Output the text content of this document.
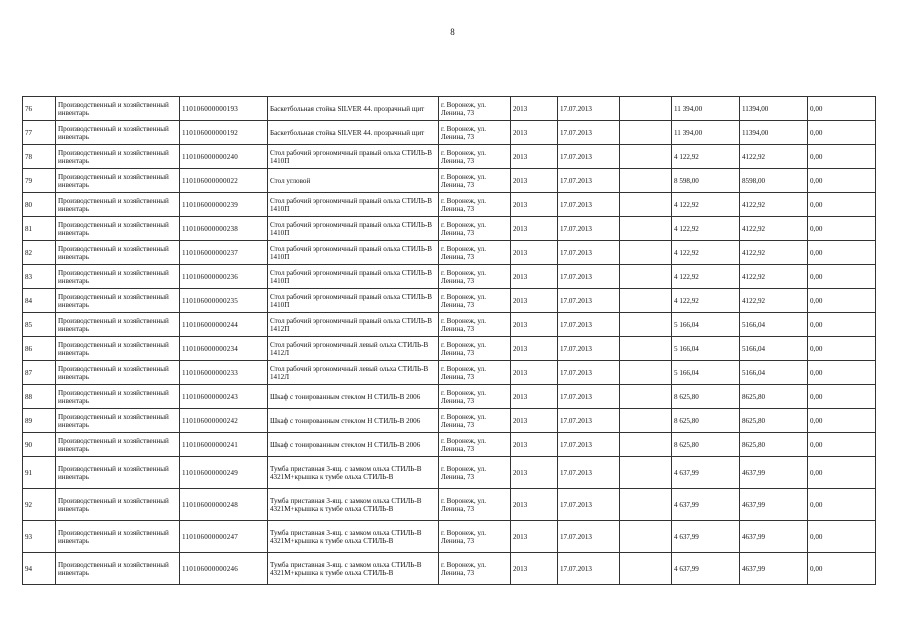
8
76	Производственный и хозяйственный инвентарь	110106000000193	Баскетбольная стойка SILVER 44. прозрачный щит	г. Воронеж, ул. Ленина, 73	2013	17.07.2013		11 394,00	11394,00	0,00
77	Производственный и хозяйственный инвентарь	110106000000192	Баскетбольная стойка SILVER 44. прозрачный щит	г. Воронеж, ул. Ленина, 73	2013	17.07.2013		11 394,00	11394,00	0,00
78	Производственный и хозяйственный инвентарь	110106000000240	Стол рабочий эргономичный правый ольха СТИЛЬ-В 1410П	г. Воронеж, ул. Ленина, 73	2013	17.07.2013		4 122,92	4122,92	0,00
79	Производственный и хозяйственный инвентарь	110106000000022	Стол угловой	г. Воронеж, ул. Ленина, 73	2013	17.07.2013		8 598,00	8598,00	0,00
80	Производственный и хозяйственный инвентарь	110106000000239	Стол рабочий эргономичный правый ольха СТИЛЬ-В 1410П	г. Воронеж, ул. Ленина, 73	2013	17.07.2013		4 122,92	4122,92	0,00
81	Производственный и хозяйственный инвентарь	110106000000238	Стол рабочий эргономичный правый ольха СТИЛЬ-В 1410П	г. Воронеж, ул. Ленина, 73	2013	17.07.2013		4 122,92	4122,92	0,00
82	Производственный и хозяйственный инвентарь	110106000000237	Стол рабочий эргономичный правый ольха СТИЛЬ-В 1410П	г. Воронеж, ул. Ленина, 73	2013	17.07.2013		4 122,92	4122,92	0,00
83	Производственный и хозяйственный инвентарь	110106000000236	Стол рабочий эргономичный правый ольха СТИЛЬ-В 1410П	г. Воронеж, ул. Ленина, 73	2013	17.07.2013		4 122,92	4122,92	0,00
84	Производственный и хозяйственный инвентарь	110106000000235	Стол рабочий эргономичный правый ольха СТИЛЬ-В 1410П	г. Воронеж, ул. Ленина, 73	2013	17.07.2013		4 122,92	4122,92	0,00
85	Производственный и хозяйственный инвентарь	110106000000244	Стол рабочий эргономичный правый ольха СТИЛЬ-В 1412П	г. Воронеж, ул. Ленина, 73	2013	17.07.2013		5 166,04	5166,04	0,00
86	Производственный и хозяйственный инвентарь	110106000000234	Стол рабочий эргономичный левый ольха СТИЛЬ-В 1412Л	г. Воронеж, ул. Ленина, 73	2013	17.07.2013		5 166,04	5166,04	0,00
87	Производственный и хозяйственный инвентарь	110106000000233	Стол рабочий эргономичный левый ольха СТИЛЬ-В 1412Л	г. Воронеж, ул. Ленина, 73	2013	17.07.2013		5 166,04	5166,04	0,00
88	Производственный и хозяйственный инвентарь	110106000000243	Шкаф с тонированным стеклом Н СТИЛЬ-В 2006	г. Воронеж, ул. Ленина, 73	2013	17.07.2013		8 625,80	8625,80	0,00
89	Производственный и хозяйственный инвентарь	110106000000242	Шкаф с тонированным стеклом Н СТИЛЬ-В 2006	г. Воронеж, ул. Ленина, 73	2013	17.07.2013		8 625,80	8625,80	0,00
90	Производственный и хозяйственный инвентарь	110106000000241	Шкаф с тонированным стеклом Н СТИЛЬ-В 2006	г. Воронеж, ул. Ленина, 73	2013	17.07.2013		8 625,80	8625,80	0,00
91	Производственный и хозяйственный инвентарь	110106000000249	Тумба приставная 3-ящ. с замком ольха СТИЛЬ-В 4321М+крышка к тумбе ольха СТИЛЬ-В	г. Воронеж, ул. Ленина, 73	2013	17.07.2013		4 637,99	4637,99	0,00
92	Производственный и хозяйственный инвентарь	110106000000248	Тумба приставная 3-ящ. с замком ольха СТИЛЬ-В 4321М+крышка к тумбе ольха СТИЛЬ-В	г. Воронеж, ул. Ленина, 73	2013	17.07.2013		4 637,99	4637,99	0,00
93	Производственный и хозяйственный инвентарь	110106000000247	Тумба приставная 3-ящ. с замком ольха СТИЛЬ-В 4321М+крышка к тумбе ольха СТИЛЬ-В	г. Воронеж, ул. Ленина, 73	2013	17.07.2013		4 637,99	4637,99	0,00
94	Производственный и хозяйственный инвентарь	110106000000246	Тумба приставная 3-ящ. с замком ольха СТИЛЬ-В 4321М+крышка к тумбе ольха СТИЛЬ-В	г. Воронеж, ул. Ленина, 73	2013	17.07.2013		4 637,99	4637,99	0,00
